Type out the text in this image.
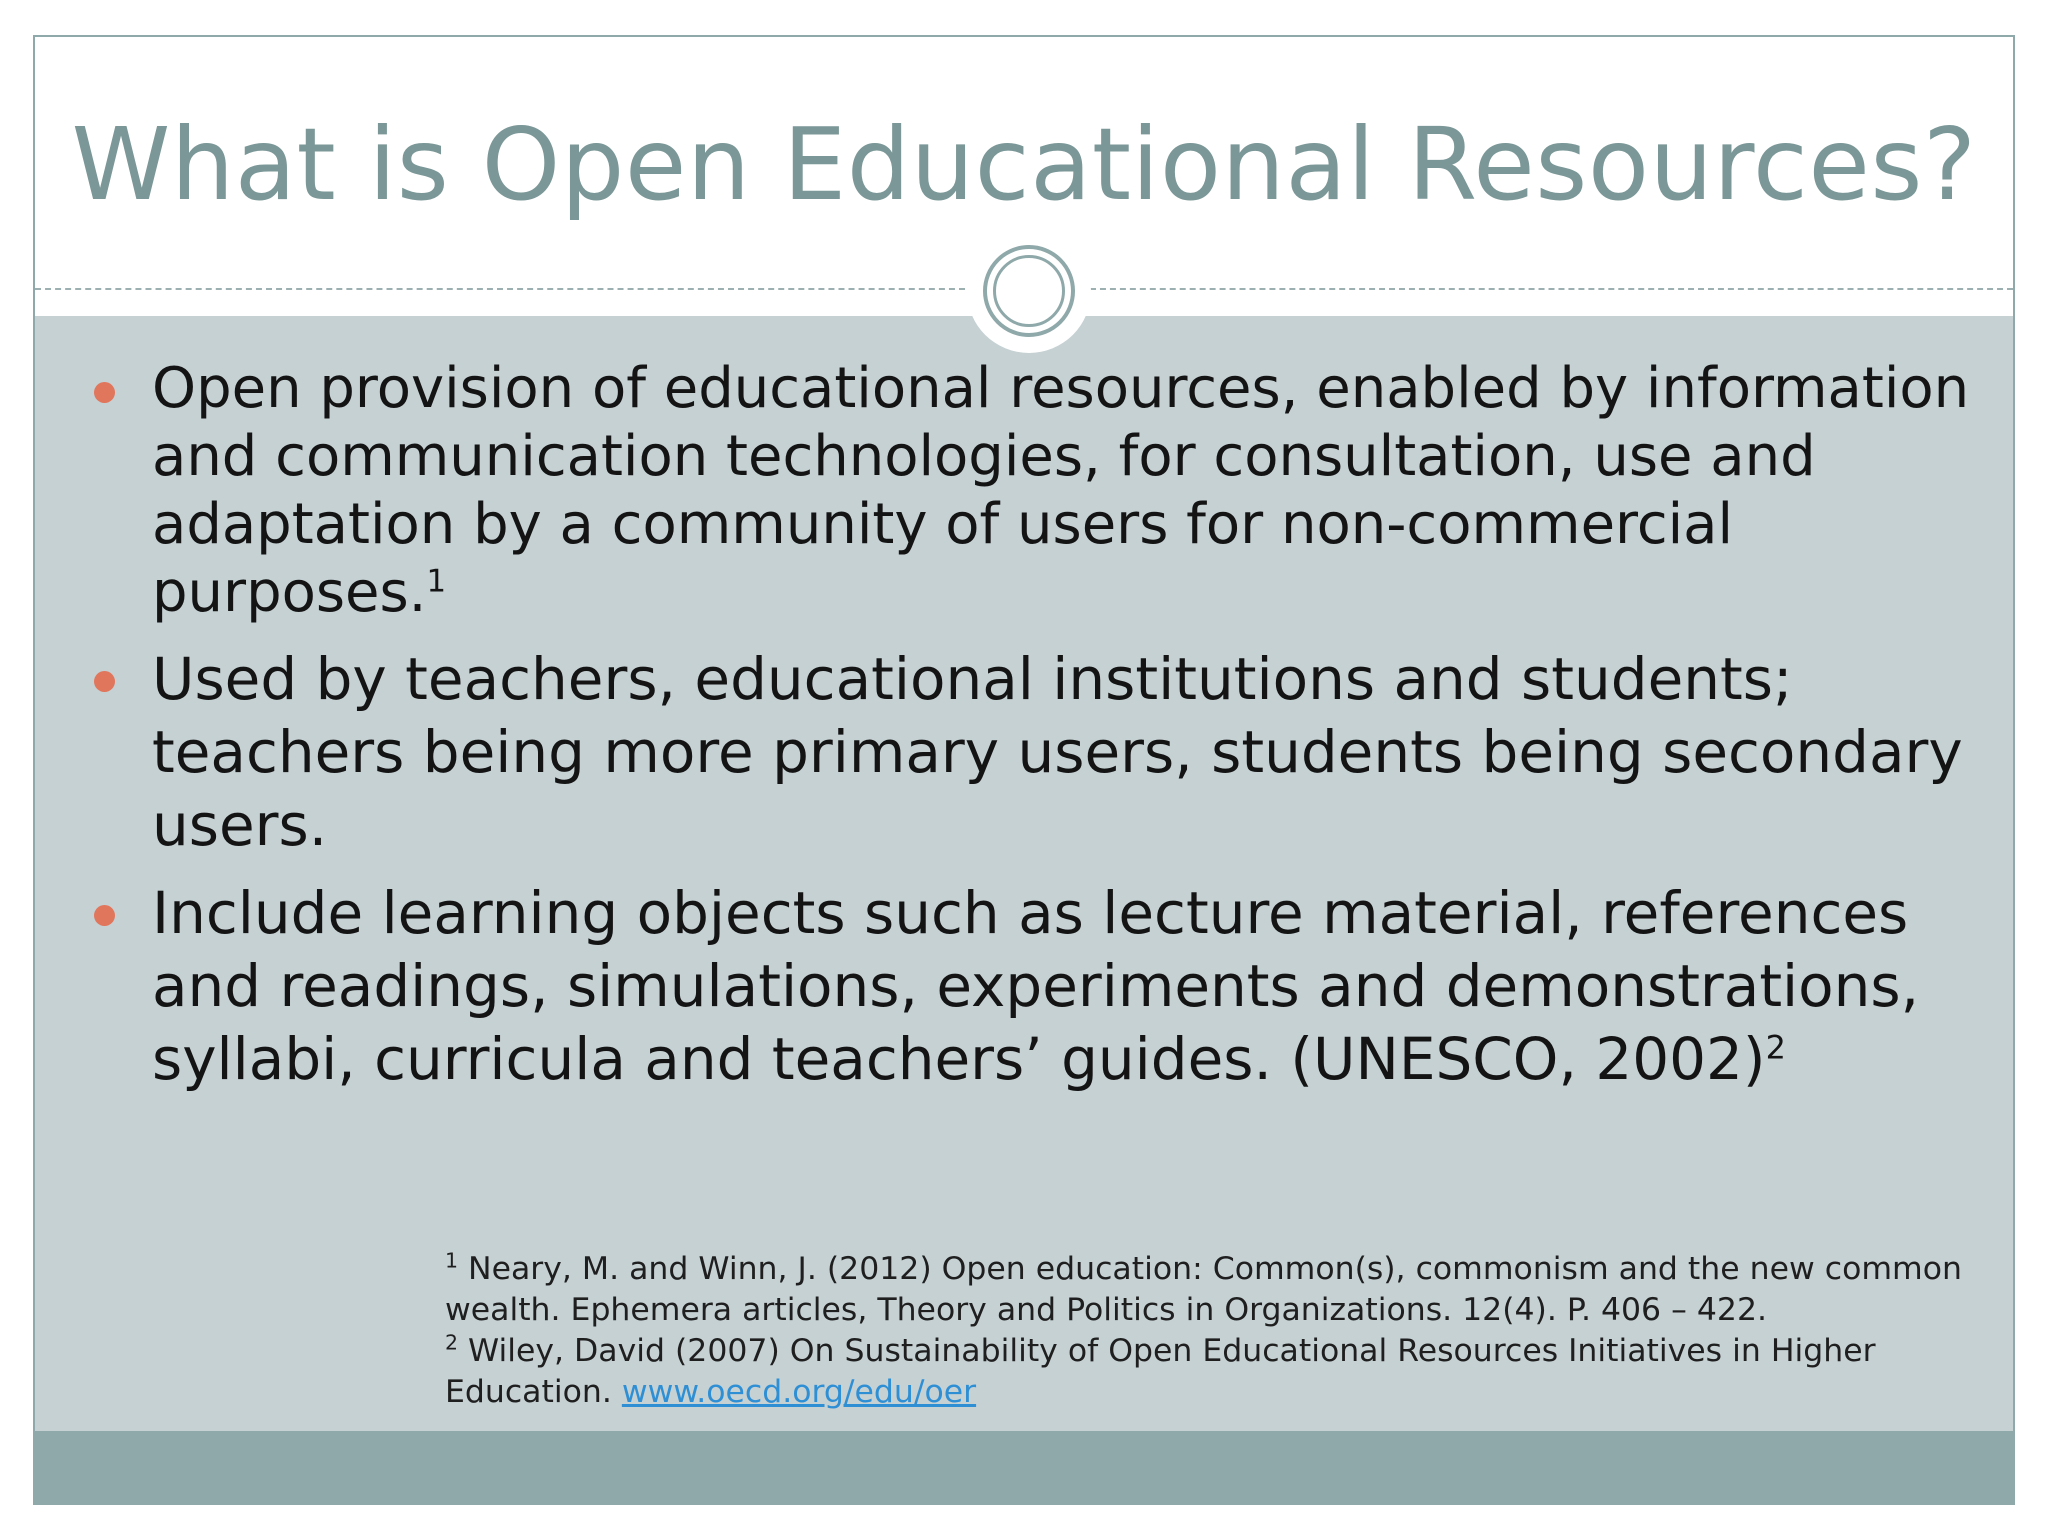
What is Open Educational Resources?
Open provision of educational resources, enabled by information and communication technologies, for consultation, use and adaptation by a community of users for non-commercial purposes.$^1$
Used by teachers, educational institutions and students; teachers being more primary users, students being secondary users.
Include learning objects such as lecture material, references and readings, simulations, experiments and demonstrations, syllabi, curricula and teachers’ guides. (UNESCO, 2002)$^2$
$^1$ Neary, M. and Winn, J. (2012) Open education: Common(s), commonism and the new common wealth. Ephemera articles, Theory and Politics in Organizations. 12(4). P. 406 – 422.
$^2$ Wiley, David (2007) On Sustainability of Open Educational Resources Initiatives in Higher Education. www.oecd.org/edu/oer
